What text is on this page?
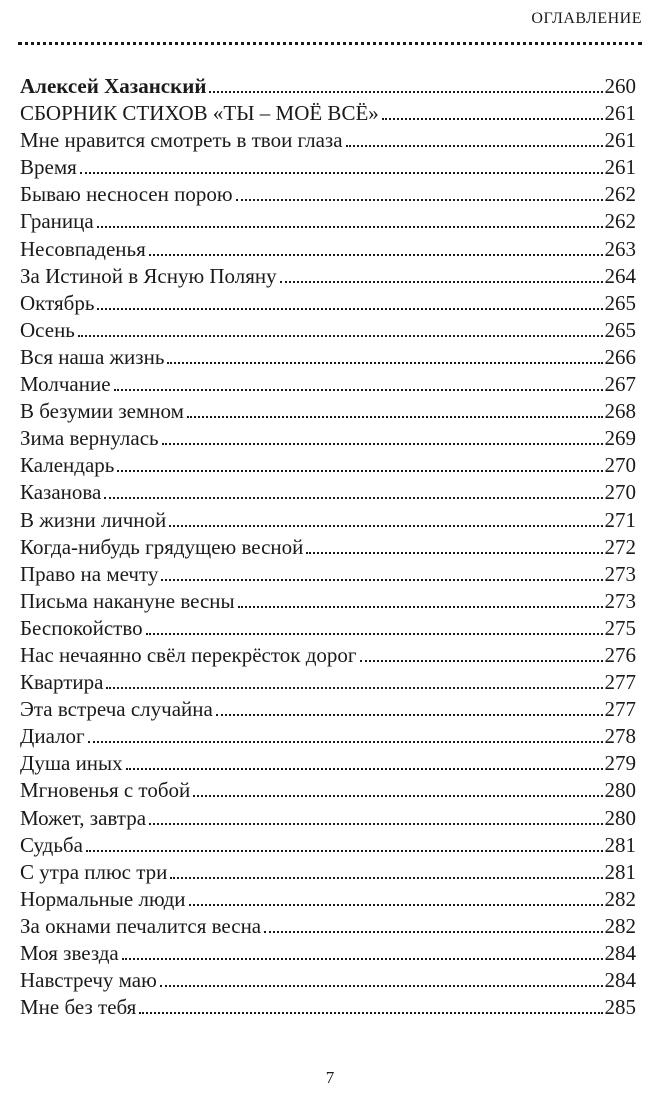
ОГЛАВЛЕНИЕ
Алексей Хазанский	260
СБОРНИК СТИХОВ «ТЫ – МОЁ ВСЁ»	261
Мне нравится смотреть в твои глаза	261
Время	261
Бываю несносен порою	262
Граница	262
Несовпаденья	263
За Истиной в Ясную Поляну	264
Октябрь	265
Осень	265
Вся наша жизнь	266
Молчание	267
В безумии земном	268
Зима вернулась	269
Календарь	270
Казанова	270
В жизни личной	271
Когда-нибудь грядущею весной	272
Право на мечту	273
Письма накануне весны	273
Беспокойство	275
Нас нечаянно свёл перекрёсток дорог	276
Квартира	277
Эта встреча случайна	277
Диалог	278
Душа иных	279
Мгновенья с тобой	280
Может, завтра	280
Судьба	281
С утра плюс три	281
Нормальные люди	282
За окнами печалится весна	282
Моя звезда	284
Навстречу маю	284
Мне без тебя	285
7
